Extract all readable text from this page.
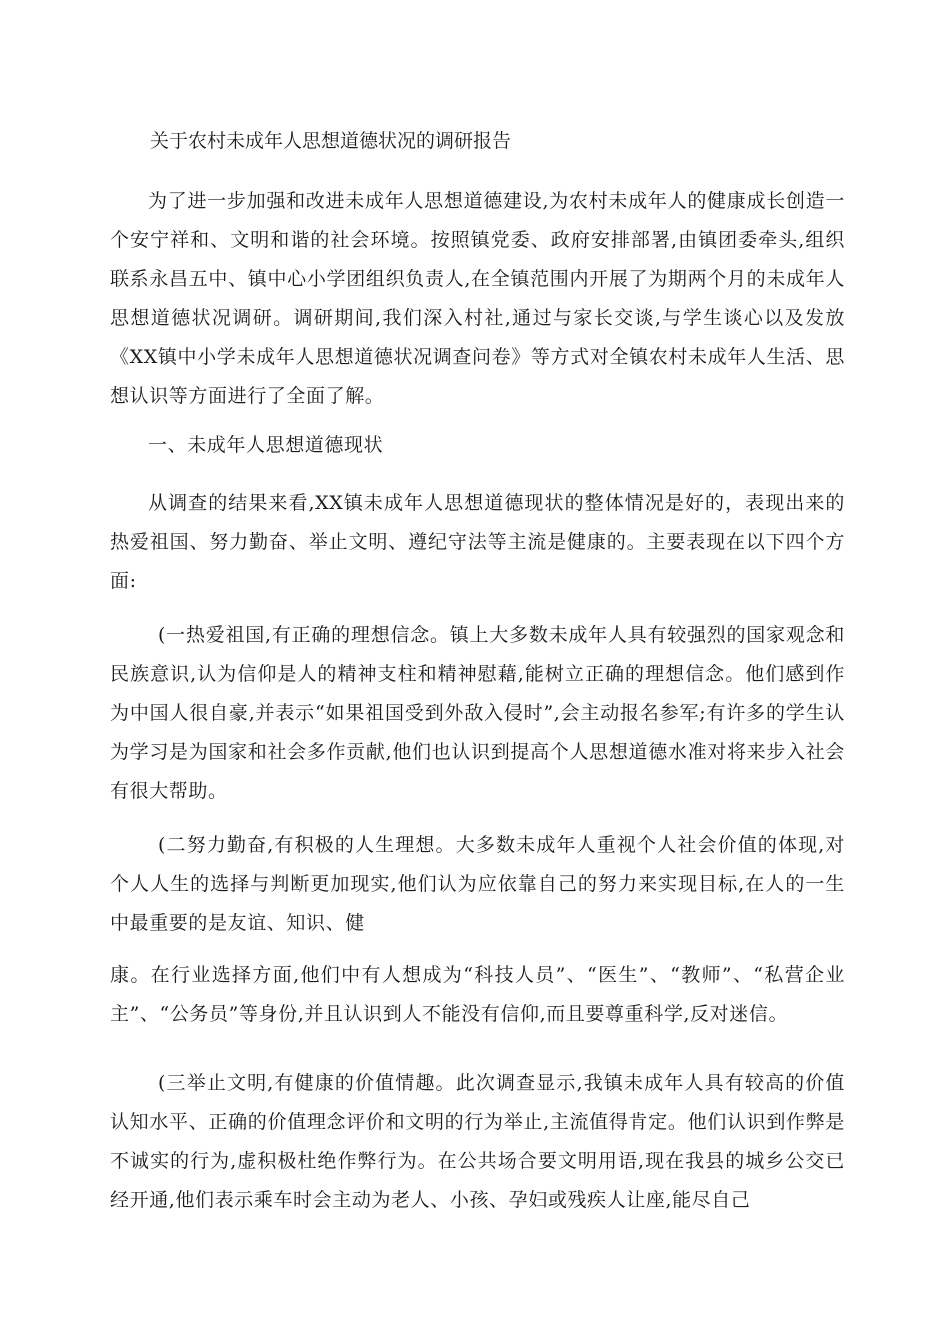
关于农村未成年人思想道德状况的调研报告
为了进一步加强和改进未成年人思想道德建设,为农村未成年人的健康成长创造一个安宁祥和、文明和谐的社会环境。按照镇党委、政府安排部署,由镇团委牵头,组织联系永昌五中、镇中心小学团组织负责人,在全镇范围内开展了为期两个月的未成年人思想道德状况调研。调研期间,我们深入村社,通过与家长交谈,与学生谈心以及发放《XX镇中小学未成年人思想道德状况调查问卷》等方式对全镇农村未成年人生活、思想认识等方面进行了全面了解。
一、未成年人思想道德现状
从调查的结果来看,XX镇未成年人思想道德现状的整体情况是好的，表现出来的热爱祖国、努力勤奋、举止文明、遵纪守法等主流是健康的。主要表现在以下四个方面:
(一热爱祖国,有正确的理想信念。镇上大多数未成年人具有较强烈的国家观念和民族意识,认为信仰是人的精神支柱和精神慰藉,能树立正确的理想信念。他们感到作为中国人很自豪,并表示“如果祖国受到外敌入侵时”,会主动报名参军;有许多的学生认为学习是为国家和社会多作贡献,他们也认识到提高个人思想道德水准对将来步入社会有很大帮助。
(二努力勤奋,有积极的人生理想。大多数未成年人重视个人社会价值的体现,对个人人生的选择与判断更加现实,他们认为应依靠自己的努力来实现目标,在人的一生中最重要的是友谊、知识、健
康。在行业选择方面,他们中有人想成为“科技人员”、“医生”、“教师”、“私营企业主”、“公务员”等身份,并且认识到人不能没有信仰,而且要尊重科学,反对迷信。
(三举止文明,有健康的价值情趣。此次调查显示,我镇未成年人具有较高的价值认知水平、正确的价值理念评价和文明的行为举止,主流值得肯定。他们认识到作弊是不诚实的行为,虚积极杜绝作弊行为。在公共场合要文明用语,现在我县的城乡公交已经开通,他们表示乘车时会主动为老人、小孩、孕妇或残疾人让座,能尽自己
